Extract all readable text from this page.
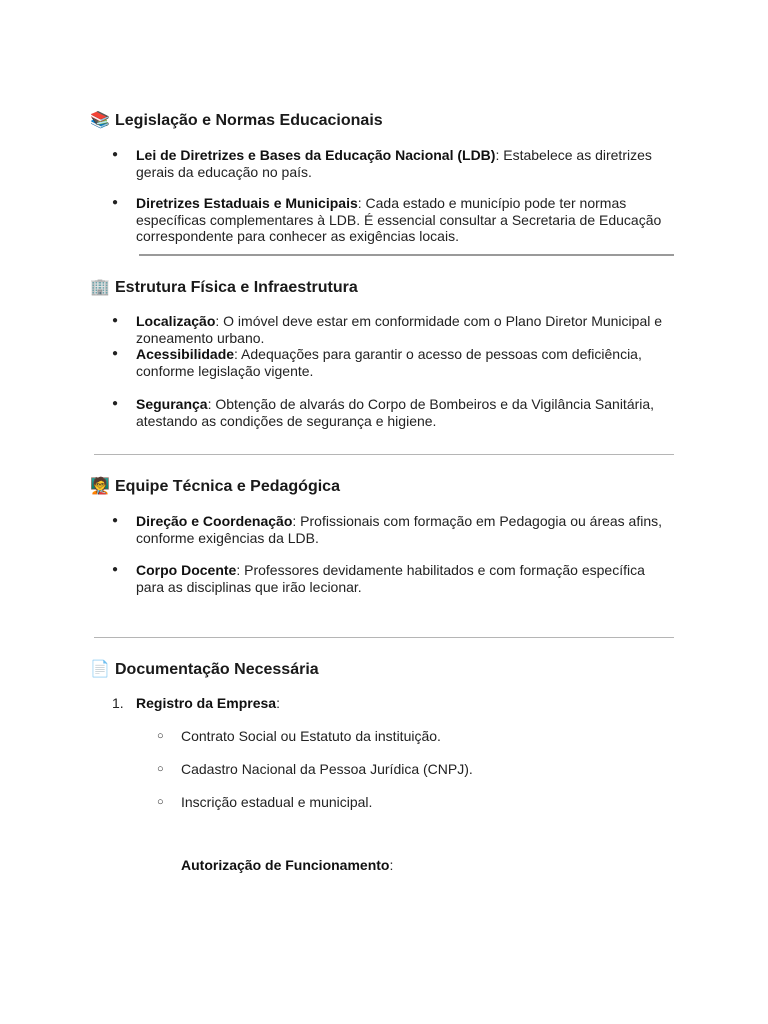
📚 Legislação e Normas Educacionais
● Lei de Diretrizes e Bases da Educação Nacional (LDB): Estabelece as diretrizes gerais da educação no país.
● Diretrizes Estaduais e Municipais: Cada estado e município pode ter normas específicas complementares à LDB. É essencial consultar a Secretaria de Educação correspondente para conhecer as exigências locais.
🏢 Estrutura Física e Infraestrutura
● Localização: O imóvel deve estar em conformidade com o Plano Diretor Municipal e zoneamento urbano.
● Acessibilidade: Adequações para garantir o acesso de pessoas com deficiência, conforme legislação vigente.
● Segurança: Obtenção de alvarás do Corpo de Bombeiros e da Vigilância Sanitária, atestando as condições de segurança e higiene.
🧑‍🏫 Equipe Técnica e Pedagógica
● Direção e Coordenação: Profissionais com formação em Pedagogia ou áreas afins, conforme exigências da LDB.
● Corpo Docente: Professores devidamente habilitados e com formação específica para as disciplinas que irão lecionar.
📄 Documentação Necessária
1. Registro da Empresa:
○ Contrato Social ou Estatuto da instituição.
○ Cadastro Nacional da Pessoa Jurídica (CNPJ).
○ Inscrição estadual e municipal.
Autorização de Funcionamento:
